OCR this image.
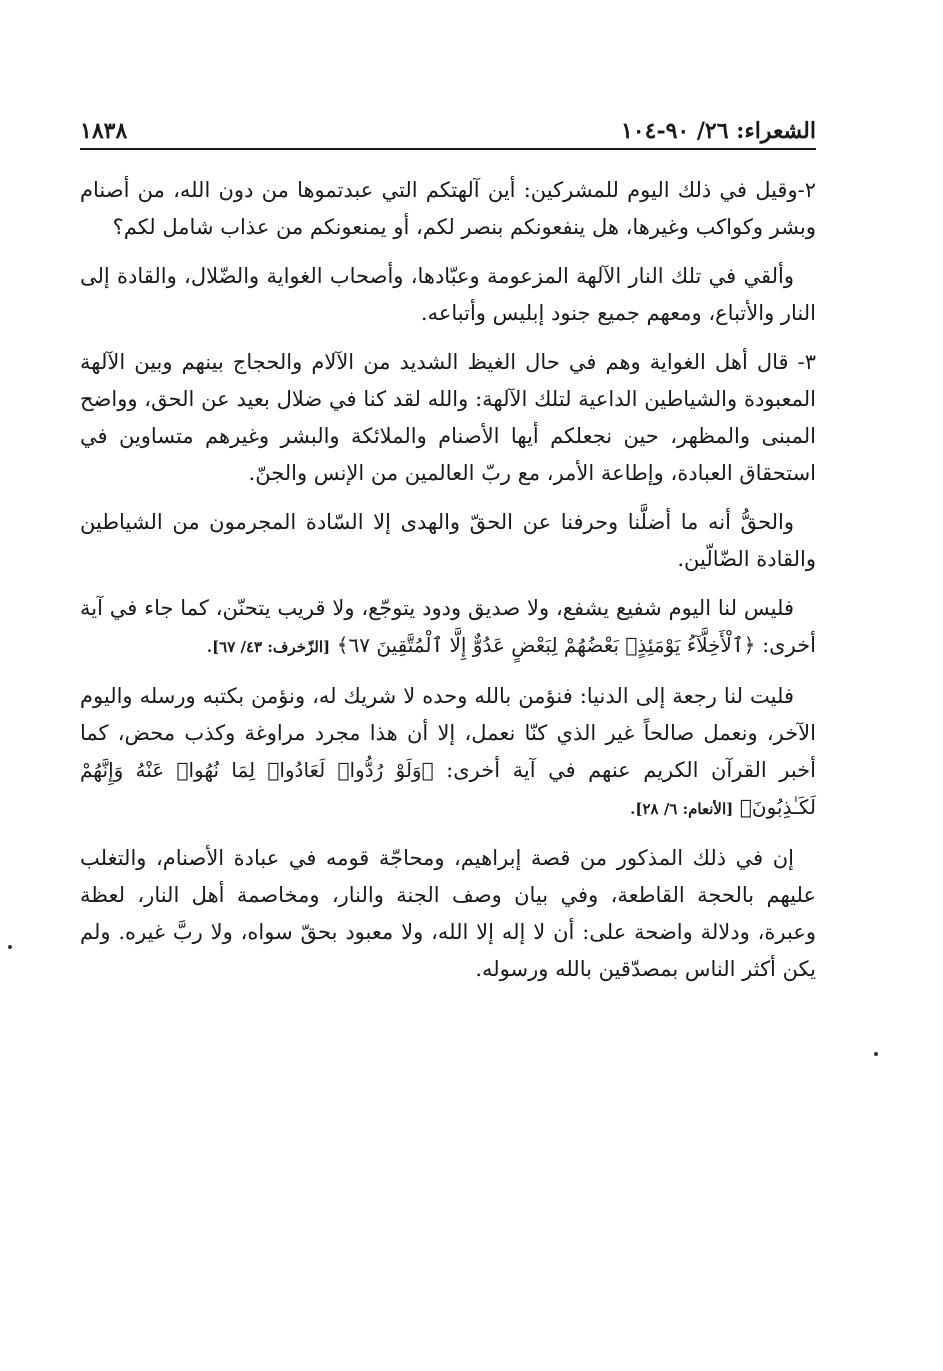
١٨٣٨	الشعراء: ٢٦/ ٩٠-١٠٤

٢-وقيل في ذلك اليوم للمشركين: أين آلهتكم التي عبدتموها من دون الله، من أصنام وبشر وكواكب وغيرها، هل ينفعونكم بنصر لكم، أو يمنعونكم من عذاب شامل لكم؟

وألقي في تلك النار الآلهة المزعومة وعبّادها، وأصحاب الغواية والضّلال، والقادة إلى النار والأتباع، ومعهم جميع جنود إبليس وأتباعه.

٣- قال أهل الغواية وهم في حال الغيظ الشديد من الآلام والحجاج بينهم وبين الآلهة المعبودة والشياطين الداعية لتلك الآلهة: والله لقد كنا في ضلال بعيد عن الحق، وواضح المبنى والمظهر، حين نجعلكم أيها الأصنام والملائكة والبشر وغيرهم متساوين في استحقاق العبادة، وإطاعة الأمر، مع ربّ العالمين من الإنس والجنّ.

والحقُّ أنه ما أضلَّنا وحرفنا عن الحقّ والهدى إلا السّادة المجرمون من الشياطين والقادة الضّالّين.

فليس لنا اليوم شفيع يشفع، ولا صديق ودود يتوجّع، ولا قريب يتحنّن، كما جاء في آية أخرى: ﴿ٱلْأَخِلَّآءُ يَوْمَئِذٍۭ بَعْضُهُمْ لِبَعْضٍ عَدُوٌّ إِلَّا ٱلْمُتَّقِينَ ٦٧﴾ [الزّخرف: ٤٣/ ٦٧].

فليت لنا رجعة إلى الدنيا: فنؤمن بالله وحده لا شريك له، ونؤمن بكتبه ورسله واليوم الآخر، ونعمل صالحاً غير الذي كنّا نعمل، إلا أن هذا مجرد مراوغة وكذب محض، كما أخبر القرآن الكريم عنهم في آية أخرى: ﴿وَلَوْ رُدُّوا۟ لَعَادُوا۟ لِمَا نُهُوا۟ عَنْهُ وَإِنَّهُمْ لَكَـٰذِبُونَ﴾ [الأنعام: ٦/ ٢٨].

إن في ذلك المذكور من قصة إبراهيم، ومحاجّة قومه في عبادة الأصنام، والتغلب عليهم بالحجة القاطعة، وفي بيان وصف الجنة والنار، ومخاصمة أهل النار، لعظة وعبرة، ودلالة واضحة على: أن لا إله إلا الله، ولا معبود بحقّ سواه، ولا ربَّ غيره. ولم يكن أكثر الناس بمصدّقين بالله ورسوله.
